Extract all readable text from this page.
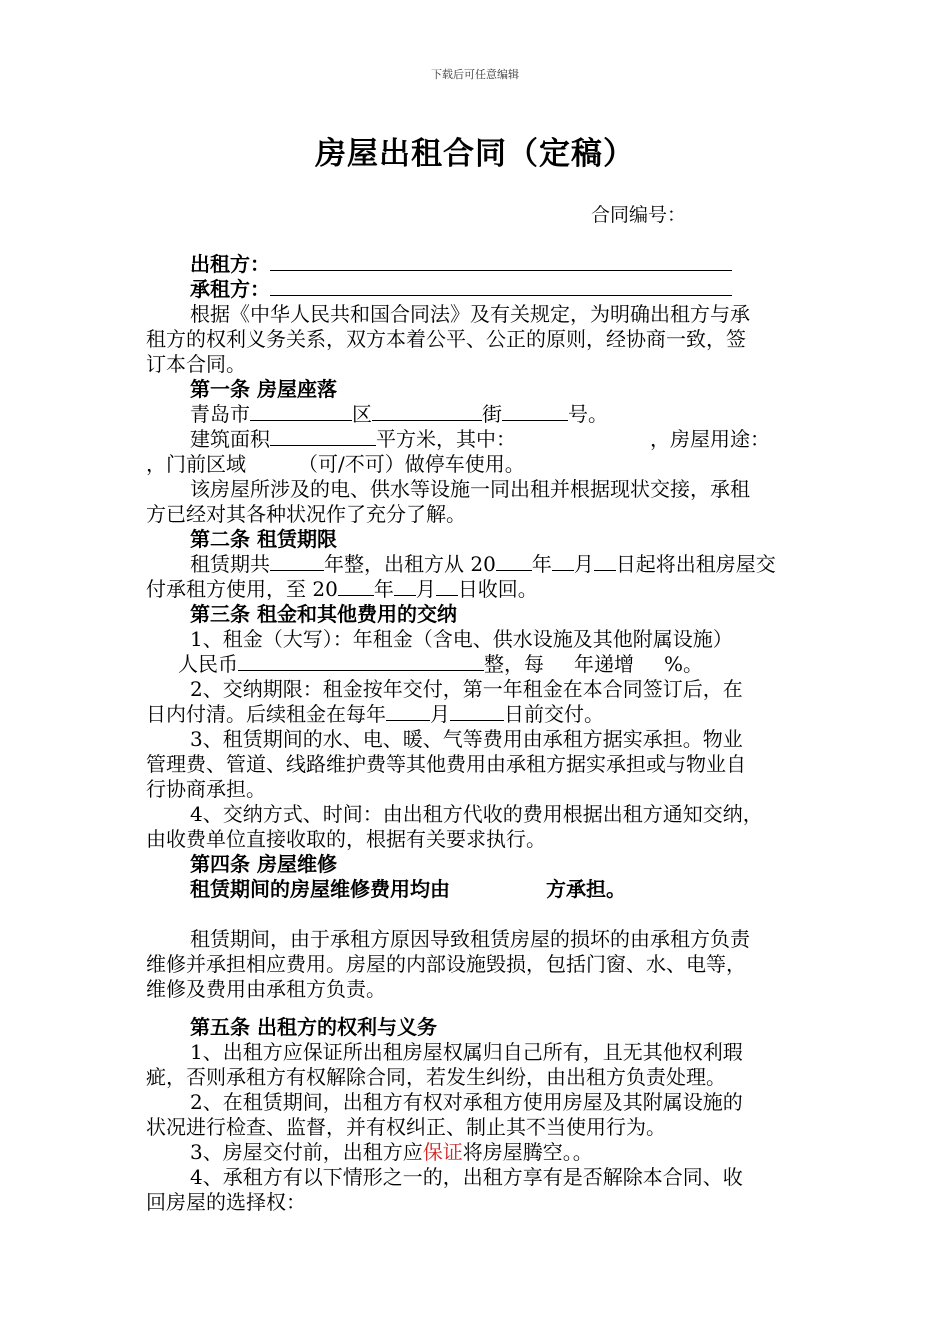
下载后可任意编辑
房屋出租合同（定稿）
合同编号：
出租方：
承租方：
根据《中华人民共和国合同法》及有关规定，为明确出租方与承
租方的权利义务关系，双方本着公平、公正的原则，经协商一致，签
订本合同。
第一条 房屋座落
青岛市	区	街	号。
建筑面积	平方米，其中：	，房屋用途：
，门前区域	（可/不可）做停车使用。
该房屋所涉及的电、供水等设施一同出租并根据现状交接，承租
方已经对其各种状况作了充分了解。
第二条 租赁期限
租赁期共	年整，出租方从 20 年 月 日起将出租房屋交
付承租方使用，至 20 年 月 日收回。
第三条 租金和其他费用的交纳
1、租金（大写）：年租金（含电、供水设施及其他附属设施）
人民币	整，每 年递增 %。
2、交纳期限：租金按年交付，第一年租金在本合同签订后，在
日内付清。后续租金在每年 月	日前交付。
3、租赁期间的水、电、暖、气等费用由承租方据实承担。物业
管理费、管道、线路维护费等其他费用由承租方据实承担或与物业自
行协商承担。
4、交纳方式、时间：由出租方代收的费用根据出租方通知交纳，
由收费单位直接收取的，根据有关要求执行。
第四条 房屋维修
租赁期间的房屋维修费用均由	方承担。
租赁期间，由于承租方原因导致租赁房屋的损坏的由承租方负责
维修并承担相应费用。房屋的内部设施毁损，包括门窗、水、电等，
维修及费用由承租方负责。
第五条 出租方的权利与义务
1、出租方应保证所出租房屋权属归自己所有，且无其他权利瑕
疵，否则承租方有权解除合同，若发生纠纷，由出租方负责处理。
2、在租赁期间，出租方有权对承租方使用房屋及其附属设施的
状况进行检查、监督，并有权纠正、制止其不当使用行为。
3、房屋交付前，出租方应保证将房屋腾空。。
4、承租方有以下情形之一的，出租方享有是否解除本合同、收
回房屋的选择权：
